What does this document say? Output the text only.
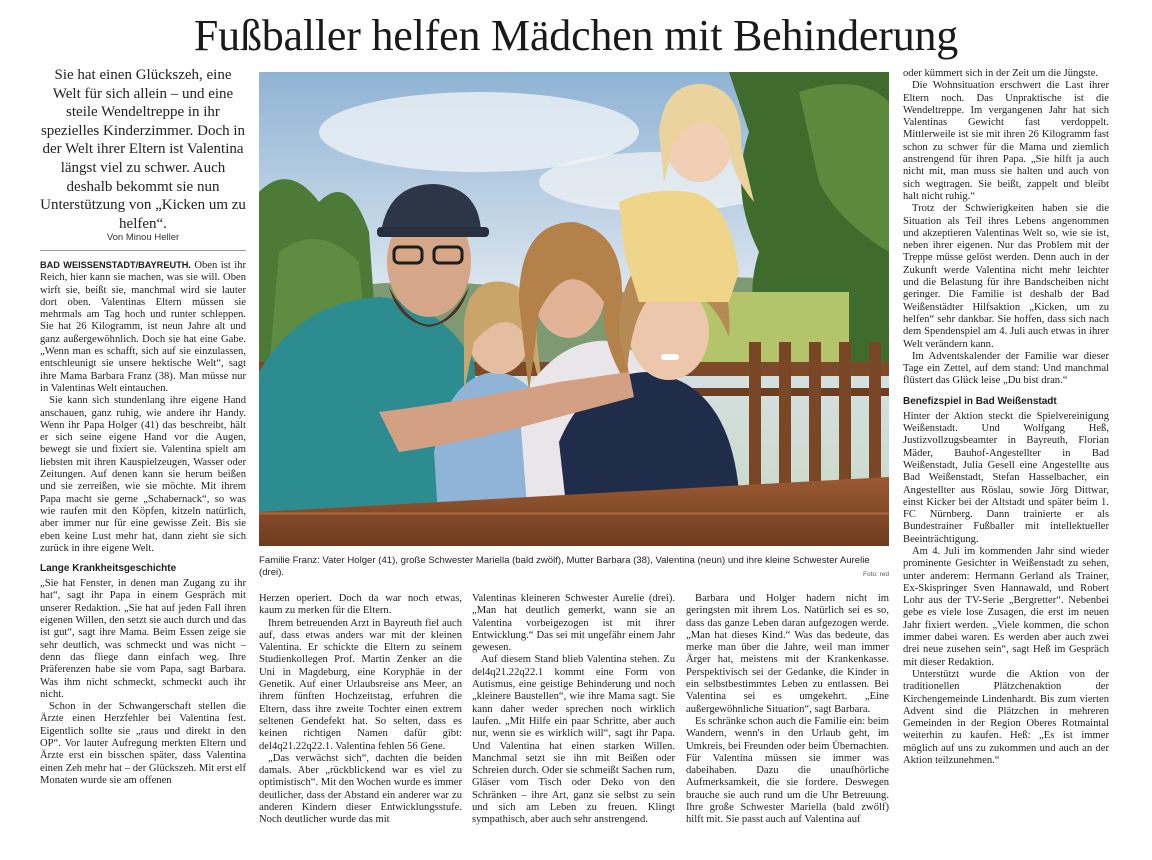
Fußballer helfen Mädchen mit Behinderung
Sie hat einen Glückszeh, eine Welt für sich allein – und eine steile Wendeltreppe in ihr spezielles Kinderzimmer. Doch in der Welt ihrer Eltern ist Valentina längst viel zu schwer. Auch deshalb bekommt sie nun Unterstützung von „Kicken um zu helfen“.
Von Minou Heller

BAD WEISSENSTADT/BAYREUTH. Oben ist ihr Reich, hier kann sie machen, was sie will. Oben wirft sie, beißt sie, manchmal wird sie lauter dort oben. Valentinas Eltern müssen sie mehrmals am Tag hoch und runter schleppen. Sie hat 26 Kilogramm, ist neun Jahre alt und ganz außergewöhnlich. Doch sie hat eine Gabe. „Wenn man es schafft, sich auf sie einzulassen, entschleunigt sie unsere hektische Welt“, sagt ihre Mama Barbara Franz (38). Man müsse nur in Valentinas Welt eintauchen.

Sie kann sich stundenlang ihre eigene Hand anschauen, ganz ruhig, wie andere ihr Handy. Wenn ihr Papa Holger (41) das beschreibt, hält er sich seine eigene Hand vor die Augen, bewegt sie und fixiert sie. Valentina spielt am liebsten mit ihren Kauspielzeugen, Wasser oder Zeitungen. Auf denen kann sie herum beißen und sie zerreißen, wie sie möchte. Mit ihrem Papa macht sie gerne „Schabernack“, so was wie raufen mit den Köpfen, kitzeln natürlich, aber immer nur für eine gewisse Zeit. Bis sie eben keine Lust mehr hat, dann zieht sie sich zurück in ihre eigene Welt.

Lange Krankheitsgeschichte

„Sie hat Fenster, in denen man Zugang zu ihr hat“, sagt ihr Papa in einem Gespräch mit unserer Redaktion. „Sie hat auf jeden Fall ihren eigenen Willen, den setzt sie auch durch und das ist gut“, sagt ihre Mama. Beim Essen zeige sie sehr deutlich, was schmeckt und was nicht – denn das fliege dann einfach weg. Ihre Präferenzen habe sie vom Papa, sagt Barbara. Was ihm nicht schmeckt, schmeckt auch ihr nicht.

Schon in der Schwangerschaft stellen die Ärzte einen Herzfehler bei Valentina fest. Eigentlich sollte sie „raus und direkt in den OP“. Vor lauter Aufregung merkten Eltern und Ärzte erst ein bisschen später, dass Valentina einen Zeh mehr hat – der Glückszeh. Mit erst elf Monaten wurde sie am offenen

Familie Franz: Vater Holger (41), große Schwester Mariella (bald zwölf), Mutter Barbara (38), Valentina (neun) und ihre kleine Schwester Aurelie (drei).	Foto: red

Herzen operiert. Doch da war noch etwas, kaum zu merken für die Eltern.

Ihrem betreuenden Arzt in Bayreuth fiel auch auf, dass etwas anders war mit der kleinen Valentina. Er schickte die Eltern zu seinem Studienkollegen Prof. Martin Zenker an die Uni in Magdeburg, eine Koryphäe in der Genetik. Auf einer Urlaubsreise ans Meer, an ihrem fünften Hochzeitstag, erfuhren die Eltern, dass ihre zweite Tochter einen extrem seltenen Gendefekt hat. So selten, dass es keinen richtigen Namen dafür gibt: del4q21.22q22.1. Valentina fehlen 56 Gene.

„Das verwächst sich“, dachten die beiden damals. Aber „rückblickend war es viel zu optimistisch“. Mit den Wochen wurde es immer deutlicher, dass der Abstand ein anderer war zu anderen Kindern dieser Entwicklungsstufe. Noch deutlicher wurde das mit

Valentinas kleineren Schwester Aurelie (drei). „Man hat deutlich gemerkt, wann sie an Valentina vorbeigezogen ist mit ihrer Entwicklung.“ Das sei mit ungefähr einem Jahr gewesen.

Auf diesem Stand blieb Valentina stehen. Zu del4q21.22q22.1 kommt eine Form von Autismus, eine geistige Behinderung und noch „kleinere Baustellen“, wie ihre Mama sagt. Sie kann daher weder sprechen noch wirklich laufen. „Mit Hilfe ein paar Schritte, aber auch nur, wenn sie es wirklich will“, sagt ihr Papa. Und Valentina hat einen starken Willen. Manchmal setzt sie ihn mit Beißen oder Schreien durch. Oder sie schmeißt Sachen rum, Gläser vom Tisch oder Deko von den Schränken – ihre Art, ganz sie selbst zu sein und sich am Leben zu freuen. Klingt sympathisch, aber auch sehr anstrengend.

Barbara und Holger hadern nicht im geringsten mit ihrem Los. Natürlich sei es so, dass das ganze Leben daran aufgezogen werde. „Man hat dieses Kind.“ Was das bedeute, das merke man über die Jahre, weil man immer Ärger hat, meistens mit der Krankenkasse. Perspektivisch sei der Gedanke, die Kinder in ein selbstbestimmtes Leben zu entlassen. Bei Valentina sei es umgekehrt. „Eine außergewöhnliche Situation“, sagt Barbara.

Es schränke schon auch die Familie ein: beim Wandern, wenn's in den Urlaub geht, im Umkreis, bei Freunden oder beim Übernachten. Für Valentina müssen sie immer was dabeihaben. Dazu die unaufhörliche Aufmerksamkeit, die sie fordere. Deswegen brauche sie auch rund um die Uhr Betreuung. Ihre große Schwester Mariella (bald zwölf) hilft mit. Sie passt auch auf Valentina auf

oder kümmert sich in der Zeit um die Jüngste.

Die Wohnsituation erschwert die Last ihrer Eltern noch. Das Unpraktische ist die Wendeltreppe. Im vergangenen Jahr hat sich Valentinas Gewicht fast verdoppelt. Mittlerweile ist sie mit ihren 26 Kilogramm fast schon zu schwer für die Mama und ziemlich anstrengend für ihren Papa. „Sie hilft ja auch nicht mit, man muss sie halten und auch von sich wegtragen. Sie beißt, zappelt und bleibt halt nicht ruhig.“

Trotz der Schwierigkeiten haben sie die Situation als Teil ihres Lebens angenommen und akzeptieren Valentinas Welt so, wie sie ist, neben ihrer eigenen. Nur das Problem mit der Treppe müsse gelöst werden. Denn auch in der Zukunft werde Valentina nicht mehr leichter und die Belastung für ihre Bandscheiben nicht geringer. Die Familie ist deshalb der Bad Weißenstädter Hilfsaktion „Kicken, um zu helfen“ sehr dankbar. Sie hoffen, dass sich nach dem Spendenspiel am 4. Juli auch etwas in ihrer Welt verändern kann.

Im Adventskalender der Familie war dieser Tage ein Zettel, auf dem stand: Und manchmal flüstert das Glück leise „Du bist dran.“

Benefizspiel in Bad Weißenstadt

Hinter der Aktion steckt die Spielvereinigung Weißenstadt. Und Wolfgang Heß, Justizvollzugsbeamter in Bayreuth, Florian Mäder, Bauhof-Angestellter in Bad Weißenstadt, Julia Gesell eine Angestellte aus Bad Weißenstadt, Stefan Hasselbacher, ein Angestellter aus Röslau, sowie Jörg Dittwar, einst Kicker bei der Altstadt und später beim 1. FC Nürnberg. Dann trainierte er als Bundestrainer Fußballer mit intellektueller Beeinträchtigung.

Am 4. Juli im kommenden Jahr sind wieder prominente Gesichter in Weißenstadt zu sehen, unter anderem: Hermann Gerland als Trainer, Ex-Skispringer Sven Hannawald, und Robert Lohr aus der TV-Serie „Bergretter“. Nebenbei gebe es viele lose Zusagen, die erst im neuen Jahr fixiert werden. „Viele kommen, die schon immer dabei waren. Es werden aber auch zwei drei neue zusehen sein“, sagt Heß im Gespräch mit dieser Redaktion.

Unterstützt wurde die Aktion von der traditionellen Plätzchenaktion der Kirchengemeinde Lindenhardt. Bis zum vierten Advent sind die Plätzchen in mehreren Gemeinden in der Region Oberes Rotmaintal weiterhin zu kaufen. Heß: „Es ist immer möglich auf uns zu zukommen und auch an der Aktion teilzunehmen.“
